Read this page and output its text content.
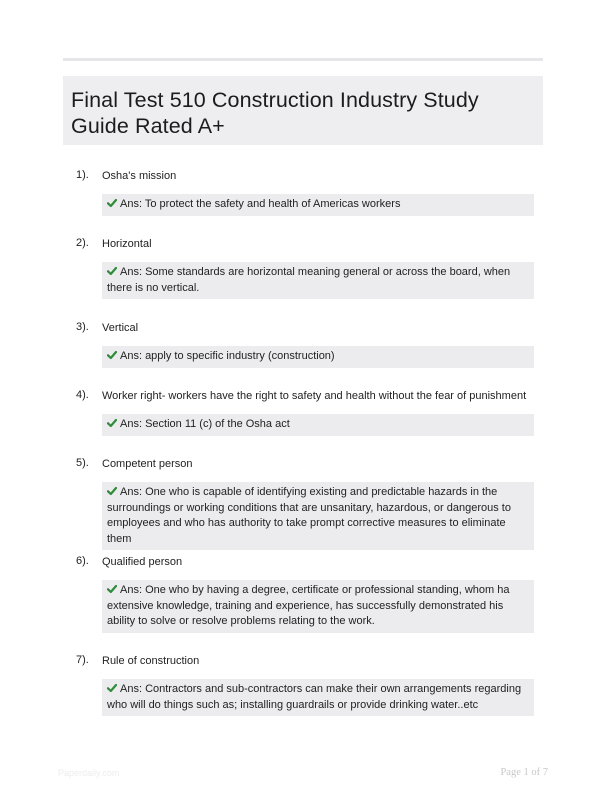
Final Test 510 Construction Industry Study Guide Rated A+
1). Osha's mission
Ans: To protect the safety and health of Americas workers
2). Horizontal
Ans: Some standards are horizontal meaning general or across the board, when there is no vertical.
3). Vertical
Ans: apply to specific industry (construction)
4). Worker right- workers have the right to safety and health without the fear of punishment
Ans: Section 11 (c) of the Osha act
5). Competent person
Ans: One who is capable of identifying existing and predictable hazards in the surroundings or working conditions that are unsanitary, hazardous, or dangerous to employees and who has authority to take prompt corrective measures to eliminate them
6). Qualified person
Ans: One who by having a degree, certificate or professional standing, whom ha extensive knowledge, training and experience, has successfully demonstrated his ability to solve or resolve problems relating to the work.
7). Rule of construction
Ans: Contractors and sub-contractors can make their own arrangements regarding who will do things such as; installing guardrails or provide drinking water..etc
Paperdaily.com	Page 1 of 7
